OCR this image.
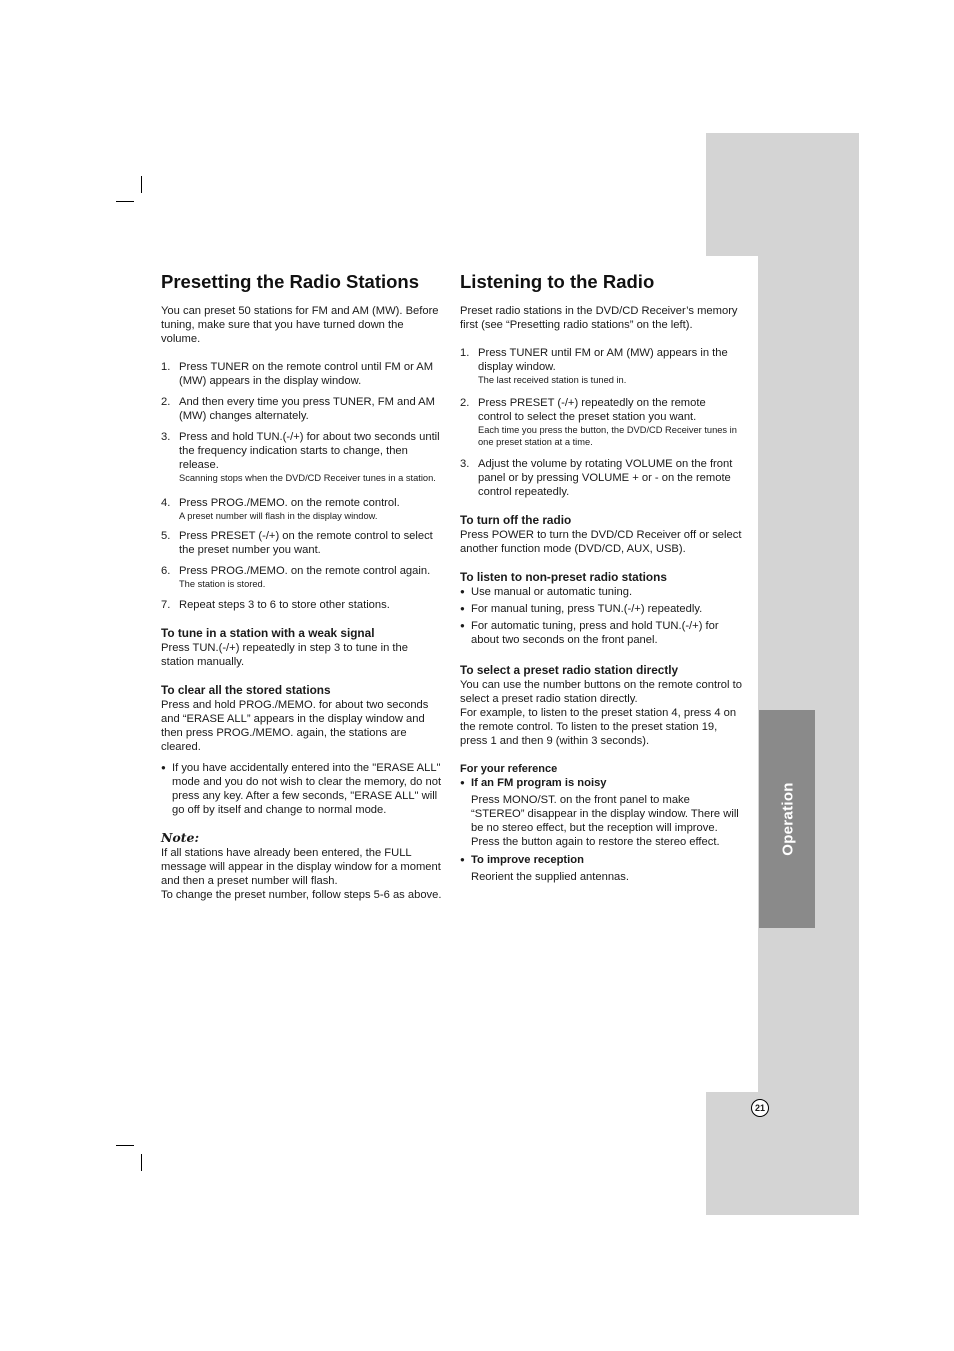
Operation
21
Presetting the Radio Stations

You can preset 50 stations for FM and AM (MW). Before tuning, make sure that you have turned down the volume.

1. Press TUNER on the remote control until FM or AM (MW) appears in the display window.
2. And then every time you press TUNER, FM and AM (MW) changes alternately.
3. Press and hold TUN.(-/+) for about two seconds until the frequency indication starts to change, then release.
Scanning stops when the DVD/CD Receiver tunes in a station.
4. Press PROG./MEMO. on the remote control.
A preset number will flash in the display window.
5. Press PRESET (-/+) on the remote control to select the preset number you want.
6. Press PROG./MEMO. on the remote control again.
The station is stored.
7. Repeat steps 3 to 6 to store other stations.
To tune in a station with a weak signal

Press TUN.(-/+) repeatedly in step 3 to tune in the station manually.

To clear all the stored stations

Press and hold PROG./MEMO. for about two seconds and “ERASE ALL” appears in the display window and then press PROG./MEMO. again, the stations are cleared.

● If you have accidentally entered into the "ERASE ALL" mode and you do not wish to clear the memory, do not press any key. After a few seconds, "ERASE ALL" will go off by itself and change to normal mode.
Note:

If all stations have already been entered, the FULL message will appear in the display window for a moment and then a preset number will flash.

To change the preset number, follow steps 5-6 as above.

Listening to the Radio

Preset radio stations in the DVD/CD Receiver’s memory first (see “Presetting radio stations” on the left).

1. Press TUNER until FM or AM (MW) appears in the display window.
The last received station is tuned in.
2. Press PRESET (-/+) repeatedly on the remote control to select the preset station you want.
Each time you press the button, the DVD/CD Receiver tunes in one preset station at a time.
3. Adjust the volume by rotating VOLUME on the front panel or by pressing VOLUME + or - on the remote control repeatedly.
To turn off the radio

Press POWER to turn the DVD/CD Receiver off or select another function mode (DVD/CD, AUX, USB).

To listen to non-preset radio stations
● Use manual or automatic tuning.
● For manual tuning, press TUN.(-/+) repeatedly.
● For automatic tuning, press and hold TUN.(-/+) for about two seconds on the front panel.
To select a preset radio station directly

You can use the number buttons on the remote control to select a preset radio station directly.

For example, to listen to the preset station 4, press 4 on the remote control. To listen to the preset station 19, press 1 and then 9 (within 3 seconds).

For your reference
● If an FM program is noisy

Press MONO/ST. on the front panel to make “STEREO” disappear in the display window. There will be no stereo effect, but the reception will improve. Press the button again to restore the stereo effect.

● To improve reception

Reorient the supplied antennas.
